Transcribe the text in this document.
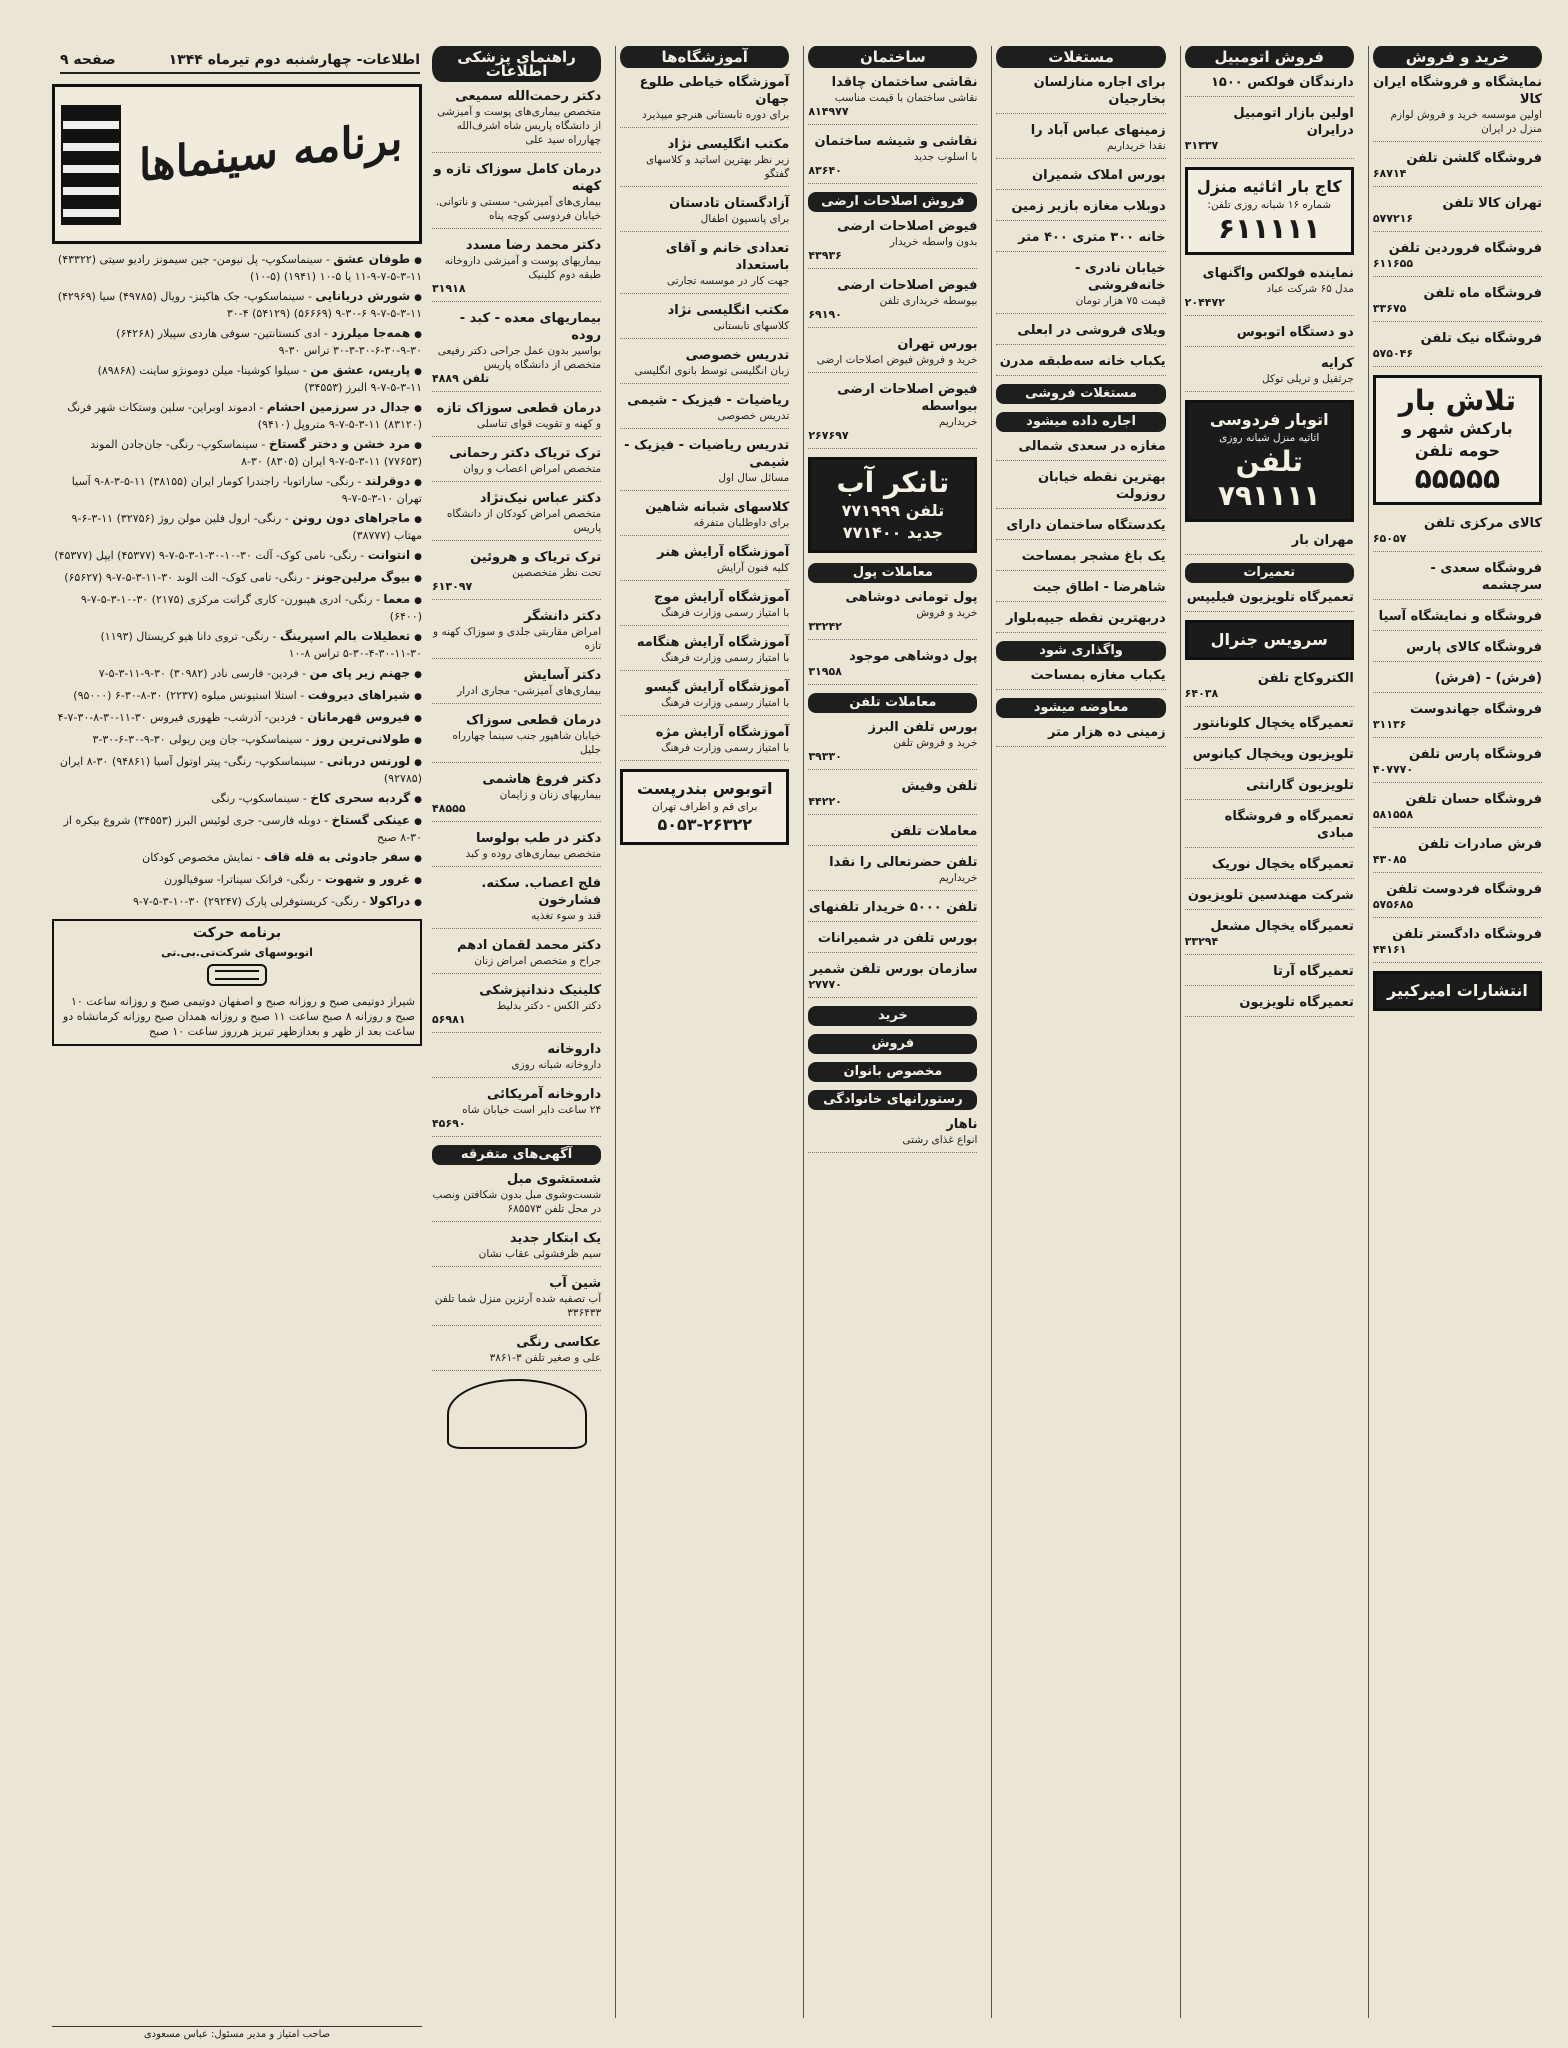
اطلاعات- چهارشنبه دوم تیرماه ۱۳۴۴
صفحه ۹
برنامه سینماها
● طوفان عشق - سینماسکوپ- پل نیومن- جین سیمونز رادیو سیتی (۴۳۳۲۲) ۱۱-۳-۵-۷-۹-۱۱ یا ۵-۱۰ (۱۹۴۱) (۵-۱۰)
● شورش دریانایی - سینماسکوپ- جک هاکینز- رویال (۴۹۷۸۵) سیا (۴۲۹۶۹) ۱۱-۳-۵-۷-۹ ۶-۳۰-۹ (۵۶۶۶۹) (۵۴۱۲۹) ۴-۳۰
● همه‌جا میلرزد - ادی کنستانتین- سوفی هاردی سپیلار (۶۴۲۶۸) ۳۰-۹-۳۰-۶-۳۰-۳-۳۰ تراس ۳۰-۹
● پاریس، عشق من - سیلوا کوشینا- میلن دومونژو ساینت (۸۹۸۶۸) ۱۱-۳-۵-۷-۹ البرز (۳۴۵۵۳)
● جدال در سرزمین احشام - ادموند اوبراین- سلین وستکات شهر فرنگ (۸۳۱۲۰) ۱۱-۳-۵-۷-۹ متروپل (۹۴۱۰)
● مرد خشن و دختر گستاخ - سینماسکوپ- رنگی- جان‌جادن الموند (۷۷۶۵۳) ۱۱-۳-۵-۷-۹ ایران (۸۳۰۵) ۳۰-۸
● دوقرلند - رنگی- ساراتوبا- راجندرا کومار ایران (۳۸۱۵۵) ۱۱-۵-۳-۸-۹ آسیا تهران ۱۰-۳-۵-۷-۹
● ماجراهای دون رونن - رنگی- ارول فلین مولن روژ (۳۲۷۵۶) ۱۱-۳-۶-۹ مهتاب (۳۸۷۷۷)
● انتوانت - رنگی- نامی کوک- آلت ۳۰-۱۰-۳۰-۱-۳-۵-۷-۹ (۴۵۳۷۷) ایپل (۴۵۳۷۷)
● بیوگ مرلین‌جونز - رنگی- تامی کوک- الت الوند ۳۰-۱۱-۳-۵-۷-۹ (۶۵۶۲۷)
● معما - رنگی- ادری هپبورن- کاری گرانت مرکزی (۲۱۷۵) ۳۰-۱۰-۳-۵-۷-۹ (۶۴۰۰)
● تعطیلات بالم اسپرینگ - رنگی- تروی دانا هیو کریستال (۱۱۹۳) ۳۰-۱۱-۳۰-۴-۳۰-۵ تراس ۸-۱۰
● جهنم زیر پای من - فردین- فارسی نادر (۳۰۹۸۲) ۳۰-۹-۱۱-۳-۵-۷
● شیراهای دیروفت - استلا استیونس میلوه (۲۲۳۷) ۳۰-۸-۳۰-۶ (۹۵۰۰۰)
● فیروس قهرمانان - فردین- آذرشب- ظهوری فیروس ۳۰-۱۱-۳۰-۸-۳۰-۷-۴
● طولانی‌ترین روز - سینماسکوپ- جان وین ریولی ۳۰-۹-۳۰-۶-۳۰-۳
● لورنس دربانی - سینماسکوپ- رنگی- پیتر اوتول آسیا (۹۴۸۶۱) ۳۰-۸ ایران (۹۲۷۸۵)
● گردبه سحری کاخ - سینماسکوپ- رنگی
● عینکی گستاخ - دوبله فارسی- جری لوئیس البرز (۳۴۵۵۳) شروع بیکره از ۳۰-۸ صبح
● سفر جادوئی به قله قاف - نمایش مخصوص کودکان
● غرور و شهوت - رنگی- فرانک سیناترا- سوفیالورن
● دراکولا - رنگی- کریستوفرلی پارک (۲۹۲۴۷) ۳۰-۱۰-۳-۵-۷-۹
برنامه حرکت
اتوبوسهای شرکت‌تی.بی.تی
شیراز دوتیمی صبح و روزانه صبح و اصفهان دوتیمی صبح و روزانه ساعت ۱۰ صبح و روزانه ۸ صبح ساعت ۱۱ صبح و روزانه همدان صبح روزانه کرمانشاه دو ساعت بعد از ظهر و بعدازظهر تبریز هرروز ساعت ۱۰ صبح
صاحب امتیاز و مدیر مسئول: عباس مسعودی
خرید و فروش
نمایشگاه و فروشگاه ایران کالا
اولین موسسه خرید و فروش لوازم منزل در ایران
فروشگاه گلشن تلفن
۶۸۷۱۴
تهران کالا تلفن
۵۷۷۲۱۶
فروشگاه فروردین تلفن
۶۱۱۶۵۵
فروشگاه ماه تلفن
۳۳۶۷۵
فروشگاه نیک تلفن
۵۷۵۰۴۶
تلاش بار
بارکش شهر و حومه تلفن
۵۵۵۵۵
کالای مرکزی تلفن
۶۵۰۵۷
فروشگاه سعدی - سرچشمه
فروشگاه و نمایشگاه آسیا
فروشگاه کالای پارس
(فرش) - (فرش)
فروشگاه جهاندوست
۳۱۱۳۶
فروشگاه پارس تلفن
۴۰۷۷۷۰
فروشگاه حسان تلفن
۵۸۱۵۵۸
فرش صادرات تلفن
۴۳۰۸۵
فروشگاه فردوست تلفن
۵۷۵۶۸۵
فروشگاه دادگستر تلفن
۴۴۱۶۱
انتشارات امیرکبیر
فروش اتومبیل
دارندگان فولکس ۱۵۰۰
اولین بازار اتومبیل درایران
۳۱۳۳۷
کاج بار اثاثیه منزل
شماره ۱۶ شبانه روزی تلفن:
۶۱۱۱۱۱
نماینده فولکس واگنهای
مدل ۶۵ شرکت عباد
۲۰۴۴۷۲
دو دستگاه اتوبوس
کرایه
جرثقیل و تریلی توکل
اتوبار فردوسی
اثاثیه منزل شبانه روزی
تلفن ۷۹۱۱۱۱
مهران بار
تعمیرات
تعمیرگاه تلویزیون فیلیپس
سرویس جنرال
الکتروکاج تلفن
۶۴۰۳۸
تعمیرگاه یخچال کلونانتور
تلویزیون ویخچال کیانوس
تلویزیون گارانتی
تعمیرگاه و فروشگاه مبادی
تعمیرگاه یخچال نوریک
شرکت مهندسین تلویزیون
تعمیرگاه یخچال مشعل
۳۳۲۹۴
تعمیرگاه آرتا
تعمیرگاه تلویزیون
مستغلات
برای اجاره منازلسان بخارجیان
زمینهای عباس آباد را
نقدا خریداریم
بورس املاک شمیران
دوبلاب مغازه بازیر زمین
خانه ۳۰۰ متری ۴۰۰ متر
خیابان نادری - خانه‌فروشی
قیمت ۷۵ هزار تومان
ویلای فروشی در ابعلی
یکباب خانه سه‌طبقه مدرن
مستغلات فروشی
اجاره داده میشود
مغازه در سعدی شمالی
بهترین نقطه خیابان روزولت
یکدستگاه ساختمان دارای
یک باغ مشجر بمساحت
شاهرضا - اطاق جیت
دربهترین نقطه جیپه‌بلوار
واگذاری شود
یکباب مغازه بمساحت
معاوضه میشود
زمینی ده هزار متر
ساختمان
نقاشی ساختمان چاقدا
نقاشی ساختمان با قیمت مناسب
۸۱۴۹۷۷
نقاشی و شیشه ساختمان
با اسلوب جدید
۸۳۶۴۰
فروش اصلاحات ارضی
فیوض اصلاحات ارضی
بدون واسطه خریدار
۴۳۹۳۶
فیوض اصلاحات ارضی
بیوسطه خریداری تلفن
۶۹۱۹۰
بورس تهران
خرید و فروش فیوض اصلاحات ارضی
فیوض اصلاحات ارضی بیواسطه
خریداریم
۲۶۷۶۹۷
تانکر آب
تلفن ۷۷۱۹۹۹
جدید ۷۷۱۴۰۰
معاملات پول
پول تومانی دوشاهی
خرید و فروش
۳۳۲۴۲
پول دوشاهی موجود
۳۱۹۵۸
معاملات تلفن
بورس تلفن البرز
خرید و فروش تلفن
۳۹۳۳۰
تلفن وفیش
۴۴۲۲۰
معاملات تلفن
تلفن حضرتعالی را نقدا
خریداریم
تلفن ۵۰۰۰ خریدار تلفنهای
بورس تلفن در شمیرانات
سازمان بورس تلفن شمیر
۲۷۷۷۰
خرید
فروش
مخصوص بانوان
رستورانهای خانوادگی
ناهار
انواع غذای رشتی
آموزشگاه‌ها
آموزشگاه خیاطی طلوع جهان
برای دوره تابستانی هنرجو میپذیرد
مکتب انگلیسی نژاد
زیر نظر بهترین اساتید و کلاسهای گفتگو
آزادگستان تادستان
برای پانسیون اطفال
تعدادی خانم و آقای باستعداد
جهت کار در موسسه تجارتی
مکتب انگلیسی نژاد
کلاسهای تابستانی
تدریس خصوصی
زبان انگلیسی توسط بانوی انگلیسی
ریاضیات - فیزیک - شیمی
تدریس خصوصی
تدریس ریاضیات - فیزیک - شیمی
مسائل سال اول
کلاسهای شبانه شاهین
برای داوطلبان متفرقه
آموزشگاه آرایش هنر
کلیه فنون آرایش
آموزشگاه آرایش موج
با امتیاز رسمی وزارت فرهنگ
آموزشگاه آرایش هنگامه
با امتیاز رسمی وزارت فرهنگ
آموزشگاه آرایش گیسو
با امتیاز رسمی وزارت فرهنگ
آموزشگاه آرایش مژه
با امتیاز رسمی وزارت فرهنگ
اتوبوس بندرپست
برای قم و اطراف تهران
۵۰۵۳-۲۶۳۲۲
راهنمای پزشکی اطلاعات
دکتر رحمت‌الله سمیعی
متخصص بیماری‌های پوست و آمیزشی از دانشگاه پاریس شاه اشرف‌الله چهارراه سید علی
درمان کامل سوزاک تازه و کهنه
بیماری‌های آمیزشی- سستی و ناتوانی. خیابان فردوسی کوچه پناه
دکتر محمد رضا مسدد
بیماریهای پوست و آمیزشی داروخانه طبقه دوم کلینیک
۳۱۹۱۸
بیماریهای معده - کبد - روده
بواسیر بدون عمل جراحی دکتر رفیعی متخصص از دانشگاه پاریس
تلفن ۴۸۸۹
درمان قطعی سوزاک تازه
و کهنه و تقویت قوای تناسلی
ترک تریاک دکتر رحمانی
متخصص امراض اعصاب و روان
دکتر عباس نیک‌نژاد
متخصص امراض کودکان از دانشگاه پاریس
ترک تریاک و هروئین
تحت نظر متخصصین
۶۱۳۰۹۷
دکتر دانشگر
امراض مقاربتی جلدی و سوزاک کهنه و تازه
دکتر آسایش
بیماری‌های آمیزشی- مجاری ادرار
درمان قطعی سوزاک
خیابان شاهپور جنب سینما چهارراه جلیل
دکتر فروغ هاشمی
بیماریهای زنان و زایمان
۴۸۵۵۵
دکتر در طب بولوسا
متخصص بیماری‌های روده و کبد
فلج اعصاب. سکته. فشارخون
قند و سوء تغذیه
دکتر محمد لقمان ادهم
جراح و متخصص امراض زنان
کلینیک دندانپزشکی
دکتر الکس - دکتر بدلیط
۵۶۹۸۱
داروخانه
داروخانه شبانه روزی
داروخانه آمریکائی
۲۴ ساعت دایر است خیابان شاه
۴۵۶۹۰
آگهی‌های متفرقه
شستشوی مبل
شست‌وشوی مبل بدون شکافتن ونصب در محل تلفن ۶۸۵۵۷۳
یک ابتکار جدید
سیم ظرفشوئی عقاب نشان
شین آب
آب تصفیه شده آرتزین منزل شما تلفن ۳۳۶۴۳۳
عکاسی رنگی
علی و صغیر تلفن ۳-۳۸۶۱
